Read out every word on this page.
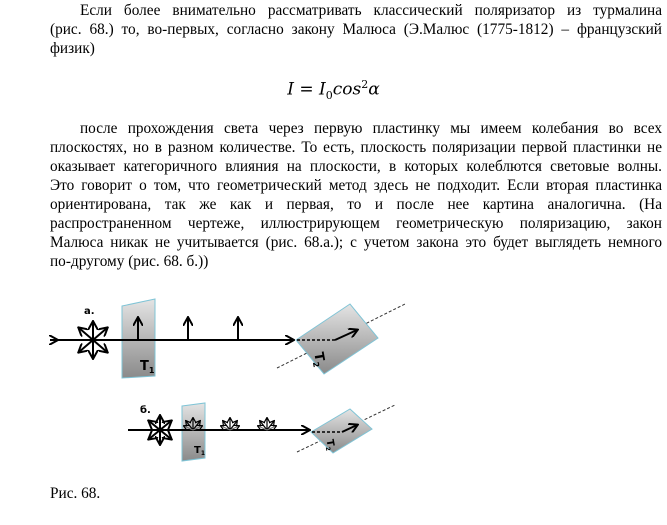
Если более внимательно рассматривать классический поляризатор из турмалина
(рис. 68.) то, во-первых, согласно закону Малюса (Э.Малюс (1775-1812) – французский
физик)
$I = I_0\cos^2\alpha$
после прохождения света через первую пластинку мы имеем колебания во всех
плоскостях, но в разном количестве. То есть, плоскость поляризации первой пластинки не
оказывает категоричного влияния на плоскости, в которых колеблются световые волны.
Это говорит о том, что геометрический метод здесь не подходит. Если вторая пластинка
ориентирована, так же как и первая, то и после нее картина аналогична. (На
распространенном чертеже, иллюстрирующем геометрическую поляризацию, закон
Малюса никак не учитывается (рис. 68.а.); с учетом закона это будет выглядеть немного
по-другому (рис. 68. б.))
а.
$T_1$
$T_2$
б.
$T_1$
$T_2$
Рис. 68.
